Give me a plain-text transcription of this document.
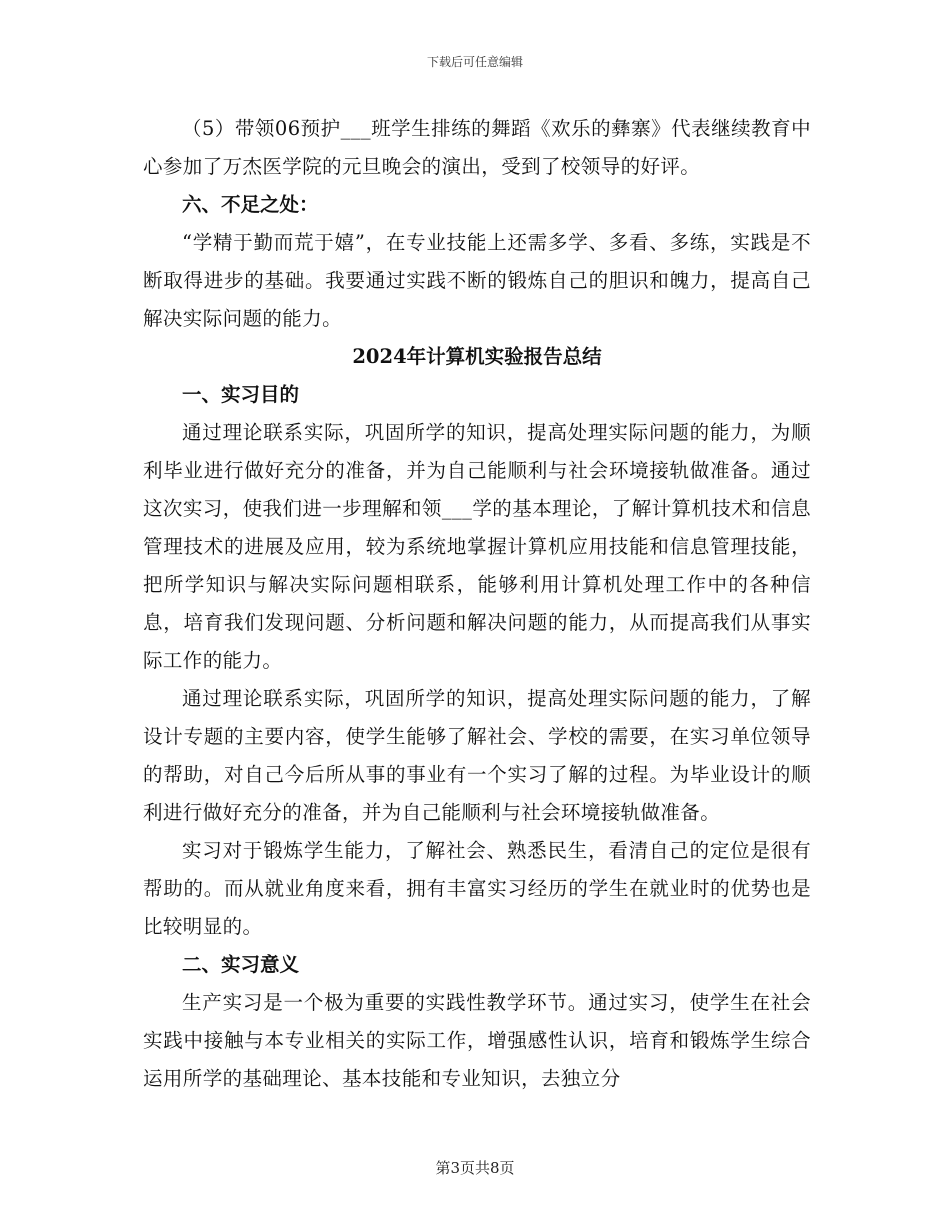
下载后可任意编辑

（5）带领06预护___班学生排练的舞蹈《欢乐的彝寨》代表继续教育中心参加了万杰医学院的元旦晚会的演出，受到了校领导的好评。

六、不足之处：

“学精于勤而荒于嬉”，在专业技能上还需多学、多看、多练，实践是不断取得进步的基础。我要通过实践不断的锻炼自己的胆识和魄力，提高自己解决实际问题的能力。

2024年计算机实验报告总结

一、实习目的

通过理论联系实际，巩固所学的知识，提高处理实际问题的能力，为顺利毕业进行做好充分的准备，并为自己能顺利与社会环境接轨做准备。通过这次实习，使我们进一步理解和领___学的基本理论，了解计算机技术和信息管理技术的进展及应用，较为系统地掌握计算机应用技能和信息管理技能，把所学知识与解决实际问题相联系，能够利用计算机处理工作中的各种信息，培育我们发现问题、分析问题和解决问题的能力，从而提高我们从事实际工作的能力。

通过理论联系实际，巩固所学的知识，提高处理实际问题的能力，了解设计专题的主要内容，使学生能够了解社会、学校的需要，在实习单位领导的帮助，对自己今后所从事的事业有一个实习了解的过程。为毕业设计的顺利进行做好充分的准备，并为自己能顺利与社会环境接轨做准备。

实习对于锻炼学生能力，了解社会、熟悉民生，看清自己的定位是很有帮助的。而从就业角度来看，拥有丰富实习经历的学生在就业时的优势也是比较明显的。

二、实习意义

生产实习是一个极为重要的实践性教学环节。通过实习，使学生在社会实践中接触与本专业相关的实际工作，增强感性认识，培育和锻炼学生综合运用所学的基础理论、基本技能和专业知识，去独立分

第3页共8页
